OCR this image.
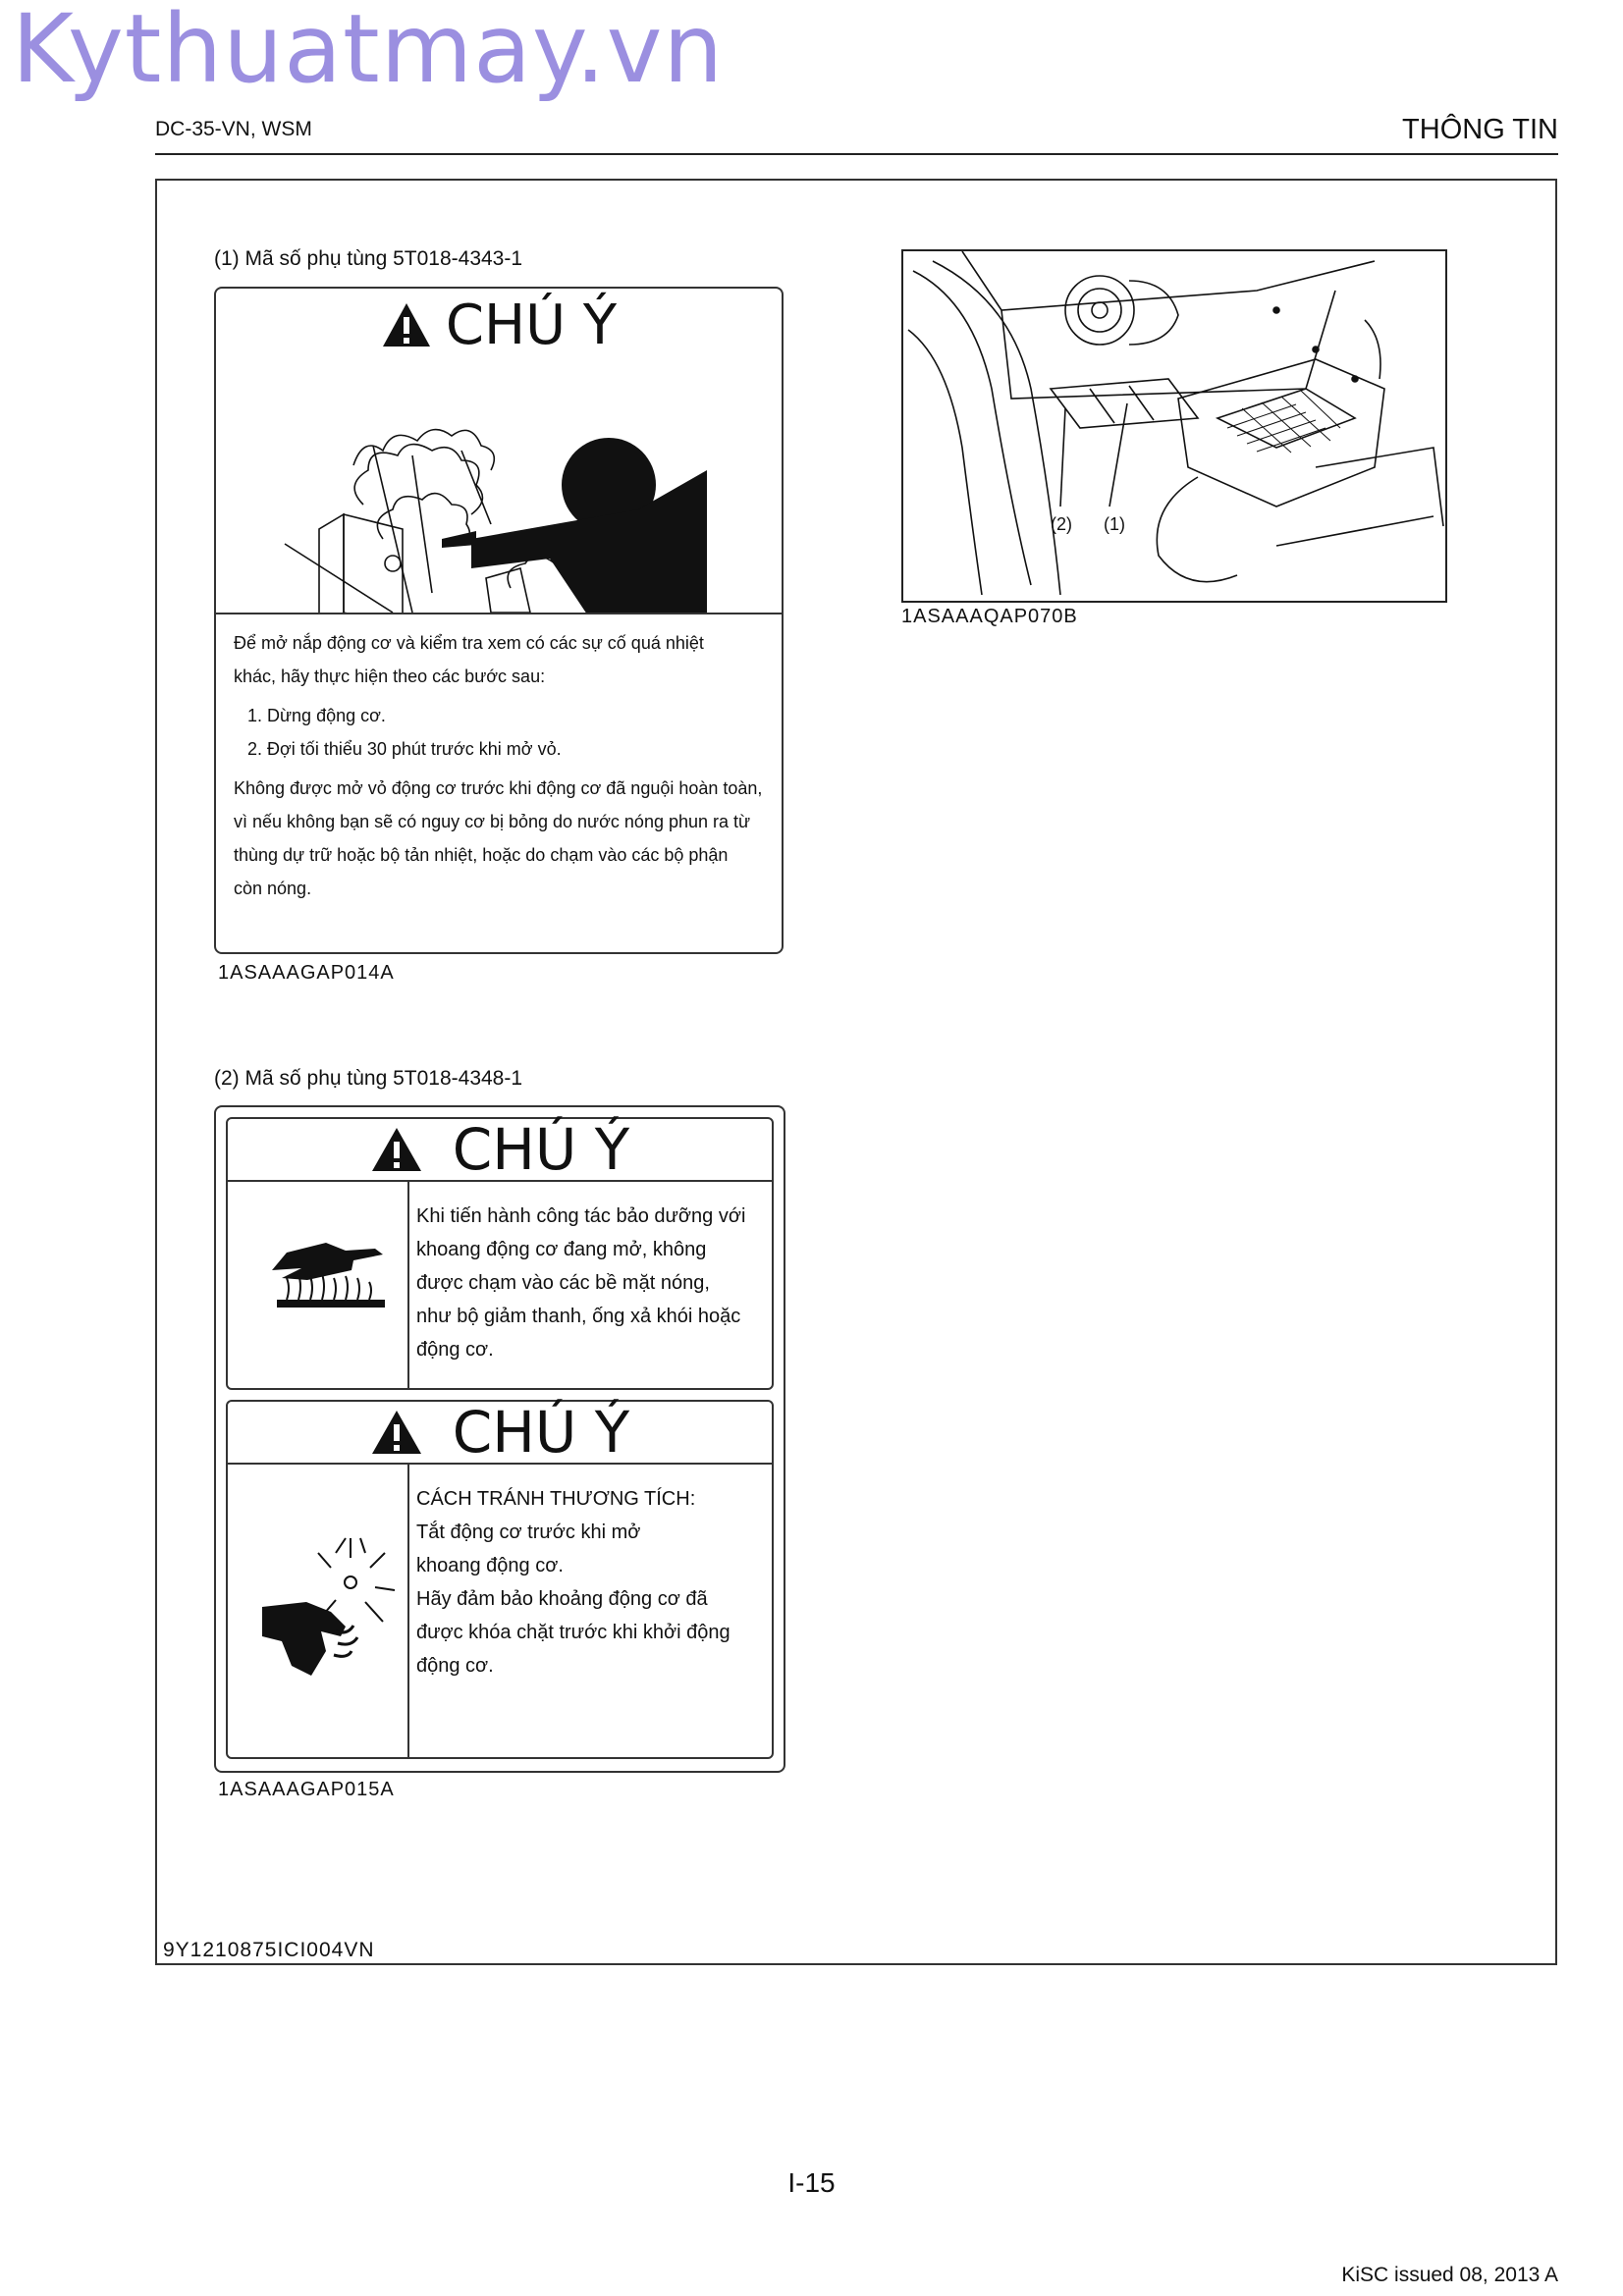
Kythuatmay.vn
DC-35-VN, WSM	THÔNG TIN
(1) Mã số phụ tùng 5T018-4343-1
CHÚ Ý
Để mở nắp động cơ và kiểm tra xem có các sự cố quá nhiệt
khác, hãy thực hiện theo các bước sau:
1. Dừng động cơ.
2. Đợi tối thiểu 30 phút trước khi mở vỏ.
Không được mở vỏ động cơ trước khi động cơ đã nguội hoàn toàn,
vì nếu không bạn sẽ có nguy cơ bị bỏng do nước nóng phun ra từ
thùng dự trữ hoặc bộ tản nhiệt, hoặc do chạm vào các bộ phận
còn nóng.
1ASAAAGAP014A
(2) (1)
1ASAAAQAP070B
(2) Mã số phụ tùng 5T018-4348-1
CHÚ Ý
Khi tiến hành công tác bảo dưỡng với
khoang động cơ đang mở, không
được chạm vào các bề mặt nóng,
như bộ giảm thanh, ống xả khói hoặc
động cơ.
CHÚ Ý
CÁCH TRÁNH THƯƠNG TÍCH:
Tắt động cơ trước khi mở
khoang động cơ.
Hãy đảm bảo khoảng động cơ đã
được khóa chặt trước khi khởi động
động cơ.
1ASAAAGAP015A
9Y1210875ICI004VN
I-15
KiSC issued 08, 2013 A
